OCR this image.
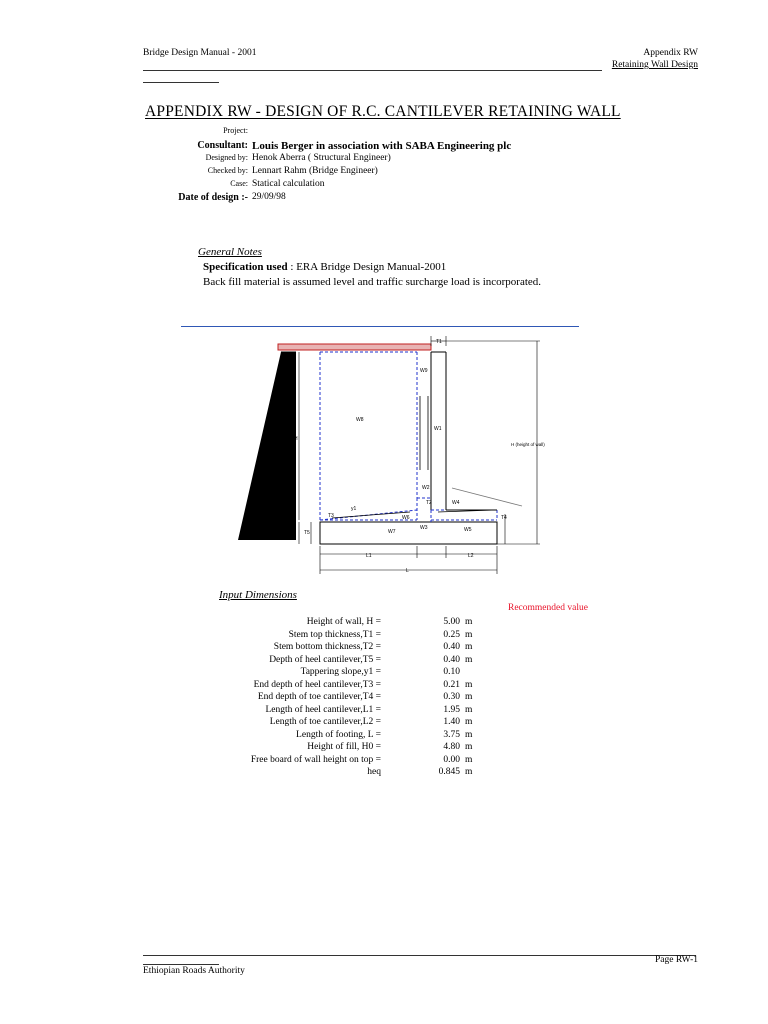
Bridge Design Manual - 2001	Appendix RW
Retaining Wall Design
APPENDIX RW - DESIGN OF R.C. CANTILEVER RETAINING WALL
Project:
Consultant: Louis Berger in association with SABA Engineering plc
Designed by: Henok Aberra ( Structural Engineer)
Checked by: Lennart Rahm (Bridge Engineer)
Case: Statical calculation
Date of design :- 29/09/98
General Notes
Specification used : ERA Bridge Design Manual-2001
Back fill material is assumed level and traffic surcharge load is incorporated.
T1
W9
W8
W1
H
H (height of wall)
W2
T2	W4
W6
W3
W7	W5
T5
T3	T4
L1	L2
L
y1
Input Dimensions
Recommended value
Height of wall, H =	5.00 m
Stem top thickness,T1 =	0.25 m
Stem bottom thickness,T2 =	0.40 m
Depth of heel cantilever,T5 =	0.40 m
Tappering slope,y1 =	0.10
End depth of heel cantilever,T3 =	0.21 m
End depth of toe cantilever,T4 =	0.30 m
Length of heel cantilever,L1 =	1.95 m
Length of toe cantilever,L2 =	1.40 m
Length of footing, L =	3.75 m
Height of fill, H0 =	4.80 m
Free board of wall height on top =	0.00 m
heq	0.845 m
Page RW-1
Ethiopian Roads Authority
